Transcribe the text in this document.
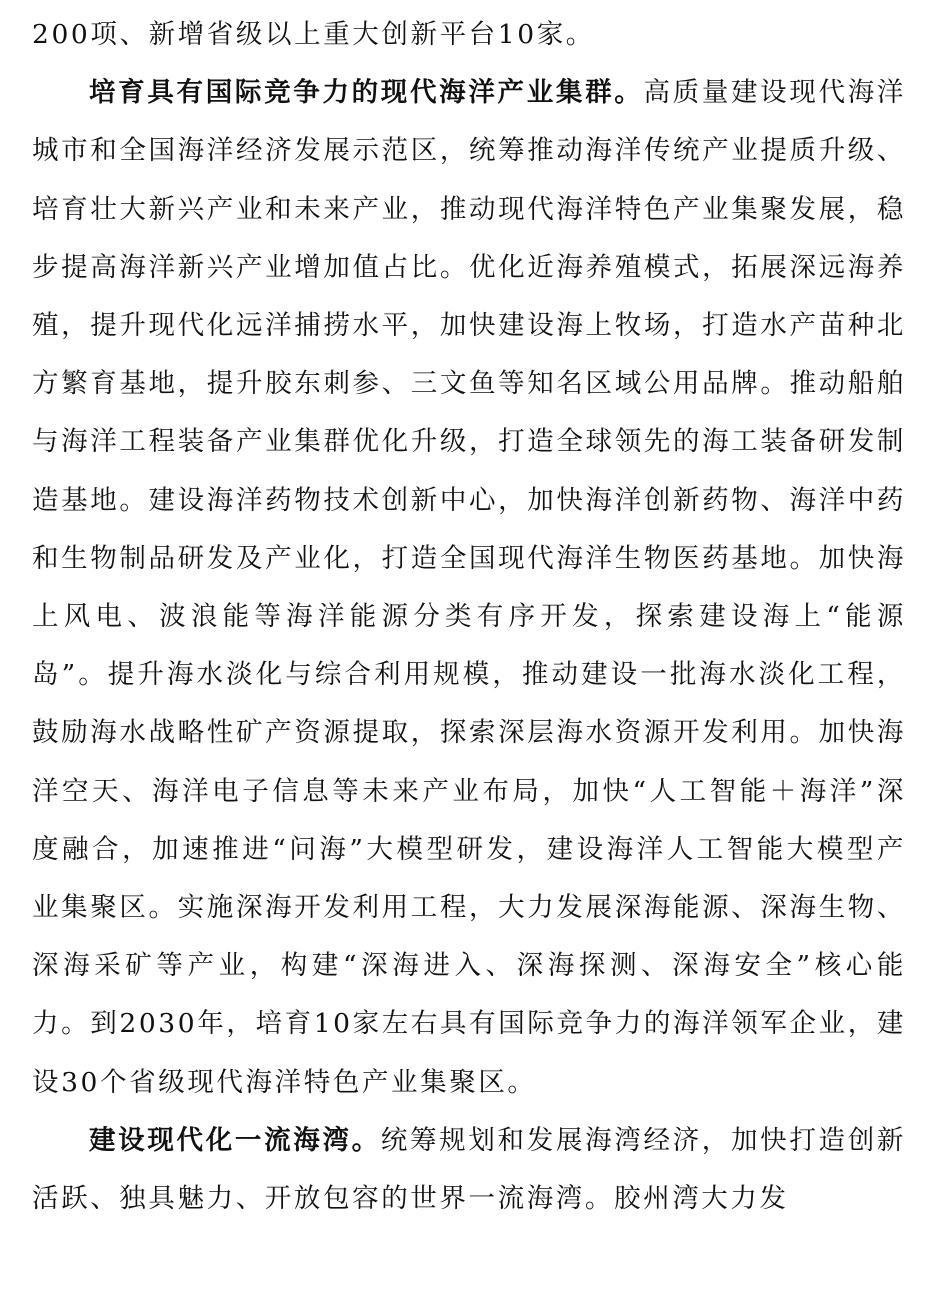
200项、新增省级以上重大创新平台10家。

培育具有国际竞争力的现代海洋产业集群。高质量建设现代海洋城市和全国海洋经济发展示范区，统筹推动海洋传统产业提质升级、培育壮大新兴产业和未来产业，推动现代海洋特色产业集聚发展，稳步提高海洋新兴产业增加值占比。优化近海养殖模式，拓展深远海养殖，提升现代化远洋捕捞水平，加快建设海上牧场，打造水产苗种北方繁育基地，提升胶东刺参、三文鱼等知名区域公用品牌。推动船舶与海洋工程装备产业集群优化升级，打造全球领先的海工装备研发制造基地。建设海洋药物技术创新中心，加快海洋创新药物、海洋中药和生物制品研发及产业化，打造全国现代海洋生物医药基地。加快海上风电、波浪能等海洋能源分类有序开发，探索建设海上“能源岛”。提升海水淡化与综合利用规模，推动建设一批海水淡化工程，鼓励海水战略性矿产资源提取，探索深层海水资源开发利用。加快海洋空天、海洋电子信息等未来产业布局，加快“人工智能＋海洋”深度融合，加速推进“问海”大模型研发，建设海洋人工智能大模型产业集聚区。实施深海开发利用工程，大力发展深海能源、深海生物、深海采矿等产业，构建“深海进入、深海探测、深海安全”核心能力。到2030年，培育10家左右具有国际竞争力的海洋领军企业，建设30个省级现代海洋特色产业集聚区。

建设现代化一流海湾。统筹规划和发展海湾经济，加快打造创新活跃、独具魅力、开放包容的世界一流海湾。胶州湾大力发
